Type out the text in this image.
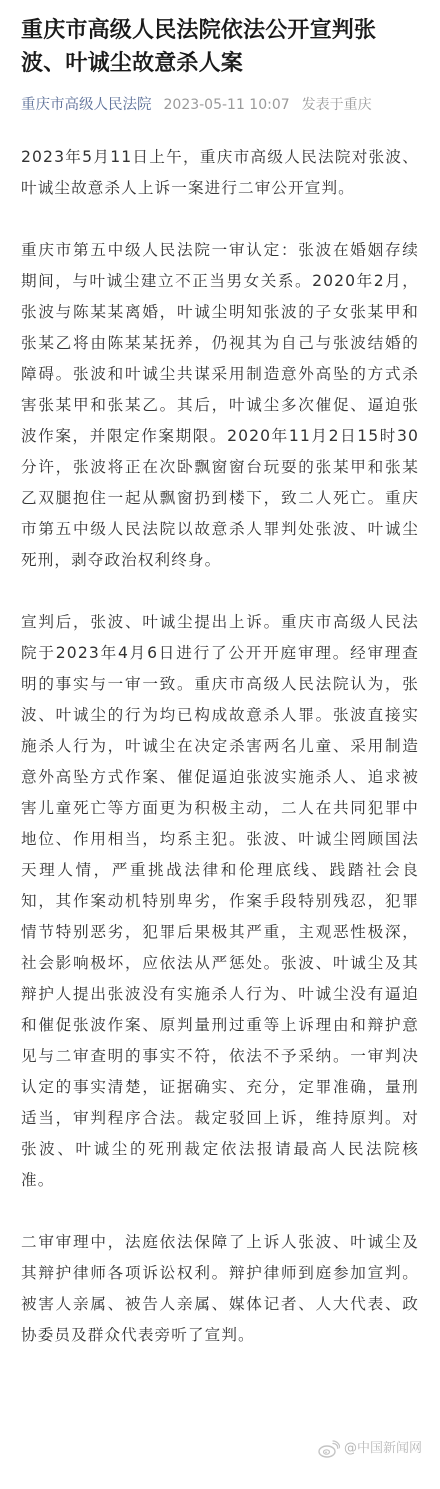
重庆市高级人民法院依法公开宣判张波、叶诚尘故意杀人案
重庆市高级人民法院 2023-05-11 10:07 发表于重庆

2023年5月11日上午，重庆市高级人民法院对张波、叶诚尘故意杀人上诉一案进行二审公开宣判。

重庆市第五中级人民法院一审认定：张波在婚姻存续期间，与叶诚尘建立不正当男女关系。2020年2月，张波与陈某某离婚，叶诚尘明知张波的子女张某甲和张某乙将由陈某某抚养，仍视其为自己与张波结婚的障碍。张波和叶诚尘共谋采用制造意外高坠的方式杀害张某甲和张某乙。其后，叶诚尘多次催促、逼迫张波作案，并限定作案期限。2020年11月2日15时30分许，张波将正在次卧飘窗窗台玩耍的张某甲和张某乙双腿抱住一起从飘窗扔到楼下，致二人死亡。重庆市第五中级人民法院以故意杀人罪判处张波、叶诚尘死刑，剥夺政治权利终身。

宣判后，张波、叶诚尘提出上诉。重庆市高级人民法院于2023年4月6日进行了公开开庭审理。经审理查明的事实与一审一致。重庆市高级人民法院认为，张波、叶诚尘的行为均已构成故意杀人罪。张波直接实施杀人行为，叶诚尘在决定杀害两名儿童、采用制造意外高坠方式作案、催促逼迫张波实施杀人、追求被害儿童死亡等方面更为积极主动，二人在共同犯罪中地位、作用相当，均系主犯。张波、叶诚尘罔顾国法天理人情，严重挑战法律和伦理底线、践踏社会良知，其作案动机特别卑劣，作案手段特别残忍，犯罪情节特别恶劣，犯罪后果极其严重，主观恶性极深，社会影响极坏，应依法从严惩处。张波、叶诚尘及其辩护人提出张波没有实施杀人行为、叶诚尘没有逼迫和催促张波作案、原判量刑过重等上诉理由和辩护意见与二审查明的事实不符，依法不予采纳。一审判决认定的事实清楚，证据确实、充分，定罪准确，量刑适当，审判程序合法。裁定驳回上诉，维持原判。对张波、叶诚尘的死刑裁定依法报请最高人民法院核准。

二审审理中，法庭依法保障了上诉人张波、叶诚尘及其辩护律师各项诉讼权利。辩护律师到庭参加宣判。被害人亲属、被告人亲属、媒体记者、人大代表、政协委员及群众代表旁听了宣判。

@中国新闻网
